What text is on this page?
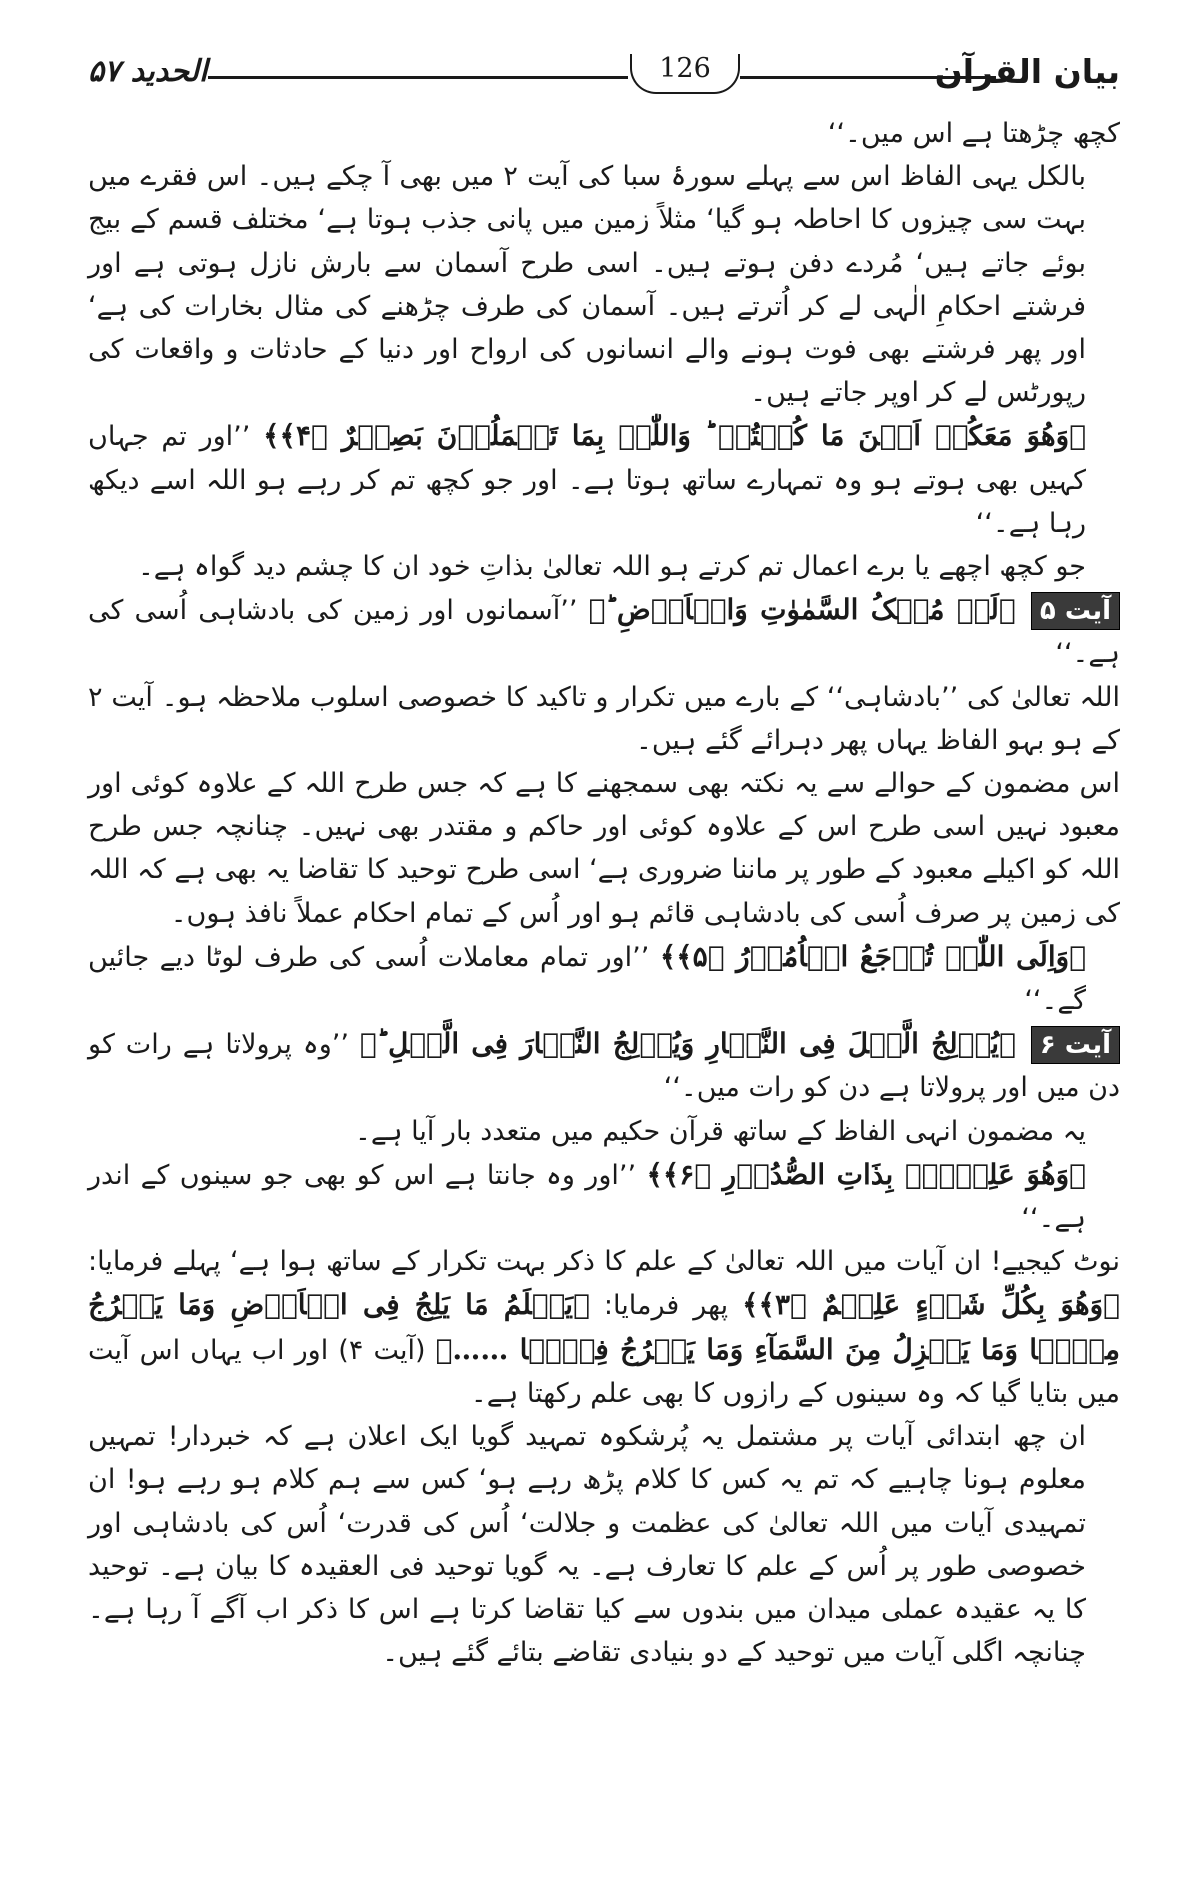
بیان القرآن
126
الحدید ۵۷

کچھ چڑھتا ہے اس میں۔‘‘

بالکل یہی الفاظ اس سے پہلے سورۂ سبا کی آیت ۲ میں بھی آ چکے ہیں۔ اس فقرے میں بہت سی چیزوں کا احاطہ ہو گیا‘ مثلاً زمین میں پانی جذب ہوتا ہے‘ مختلف قسم کے بیج بوئے جاتے ہیں‘ مُردے دفن ہوتے ہیں۔ اسی طرح آسمان سے بارش نازل ہوتی ہے اور فرشتے احکامِ الٰہی لے کر اُترتے ہیں۔ آسمان کی طرف چڑھنے کی مثال بخارات کی ہے‘ اور پھر فرشتے بھی فوت ہونے والے انسانوں کی ارواح اور دنیا کے حادثات و واقعات کی رپورٹس لے کر اوپر جاتے ہیں۔

﴿وَھُوَ مَعَکُمۡ اَیۡنَ مَا کُنۡتُمۡ ؕ وَاللّٰہُ بِمَا تَعۡمَلُوۡنَ بَصِیۡرٌ ﴿۴﴾﴾ ’’اور تم جہاں کہیں بھی ہوتے ہو وہ تمہارے ساتھ ہوتا ہے۔ اور جو کچھ تم کر رہے ہو اللہ اسے دیکھ رہا ہے۔‘‘

جو کچھ اچھے یا برے اعمال تم کرتے ہو اللہ تعالیٰ بذاتِ خود ان کا چشم دید گواہ ہے۔

آیت ۵ ﴿لَہٗ مُلۡکُ السَّمٰوٰتِ وَالۡاَرۡضِ ؕ﴾ ’’آسمانوں اور زمین کی بادشاہی اُسی کی ہے۔‘‘

اللہ تعالیٰ کی ’’بادشاہی‘‘ کے بارے میں تکرار و تاکید کا خصوصی اسلوب ملاحظہ ہو۔ آیت ۲ کے ہو بہو الفاظ یہاں پھر دہرائے گئے ہیں۔

اس مضمون کے حوالے سے یہ نکتہ بھی سمجھنے کا ہے کہ جس طرح اللہ کے علاوہ کوئی اور معبود نہیں اسی طرح اس کے علاوہ کوئی اور حاکم و مقتدر بھی نہیں۔ چنانچہ جس طرح اللہ کو اکیلے معبود کے طور پر ماننا ضروری ہے‘ اسی طرح توحید کا تقاضا یہ بھی ہے کہ اللہ کی زمین پر صرف اُسی کی بادشاہی قائم ہو اور اُس کے تمام احکام عملاً نافذ ہوں۔

﴿وَاِلَی اللّٰہِ تُرۡجَعُ الۡاُمُوۡرُ ﴿۵﴾﴾ ’’اور تمام معاملات اُسی کی طرف لوٹا دیے جائیں گے۔‘‘

آیت ۶ ﴿یُوۡلِجُ الَّیۡلَ فِی النَّہَارِ وَیُوۡلِجُ النَّہَارَ فِی الَّیۡلِ ؕ﴾ ’’وہ پرولاتا ہے رات کو دن میں اور پرولاتا ہے دن کو رات میں۔‘‘

یہ مضمون انہی الفاظ کے ساتھ قرآن حکیم میں متعدد بار آیا ہے۔

﴿وَھُوَ عَلِیۡمٌۢ بِذَاتِ الصُّدُوۡرِ ﴿۶﴾﴾ ’’اور وہ جانتا ہے اس کو بھی جو سینوں کے اندر ہے۔‘‘

نوٹ کیجیے! ان آیات میں اللہ تعالیٰ کے علم کا ذکر بہت تکرار کے ساتھ ہوا ہے‘ پہلے فرمایا: ﴿وَھُوَ بِکُلِّ شَیۡءٍ عَلِیۡمٌ ﴿۳﴾﴾ پھر فرمایا: ﴿یَعۡلَمُ مَا یَلِجُ فِی الۡاَرۡضِ وَمَا یَخۡرُجُ مِنۡہَا وَمَا یَنۡزِلُ مِنَ السَّمَآءِ وَمَا یَعۡرُجُ فِیۡہَا ……﴾ (آیت ۴) اور اب یہاں اس آیت میں بتایا گیا کہ وہ سینوں کے رازوں کا بھی علم رکھتا ہے۔

ان چھ ابتدائی آیات پر مشتمل یہ پُرشکوہ تمہید گویا ایک اعلان ہے کہ خبردار! تمہیں معلوم ہونا چاہیے کہ تم یہ کس کا کلام پڑھ رہے ہو‘ کس سے ہم کلام ہو رہے ہو! ان تمہیدی آیات میں اللہ تعالیٰ کی عظمت و جلالت‘ اُس کی قدرت‘ اُس کی بادشاہی اور خصوصی طور پر اُس کے علم کا تعارف ہے۔ یہ گویا توحید فی العقیدہ کا بیان ہے۔ توحید کا یہ عقیدہ عملی میدان میں بندوں سے کیا تقاضا کرتا ہے اس کا ذکر اب آگے آ رہا ہے۔ چنانچہ اگلی آیات میں توحید کے دو بنیادی تقاضے بتائے گئے ہیں۔
